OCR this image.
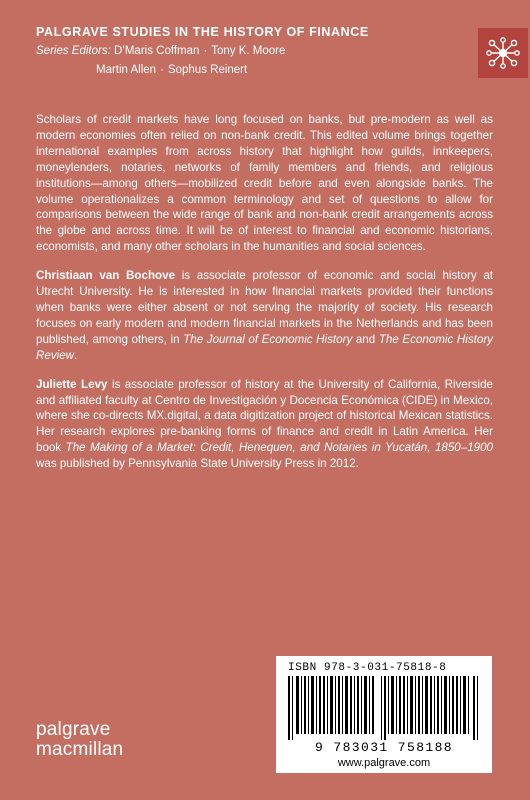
PALGRAVE STUDIES IN THE HISTORY OF FINANCE
Series Editors: D’Maris Coffman · Tony K. Moore
Martin Allen · Sophus Reinert

Scholars of credit markets have long focused on banks, but pre-modern as well as modern economies often relied on non-bank credit. This edited volume brings together international examples from across history that highlight how guilds, innkeepers, moneylenders, notaries, networks of family members and friends, and religious institutions—among others—mobilized credit before and even alongside banks. The volume operationalizes a common terminology and set of questions to allow for comparisons between the wide range of bank and non-bank credit arrangements across the globe and across time. It will be of interest to financial and economic historians, economists, and many other scholars in the humanities and social sciences.

Christiaan van Bochove is associate professor of economic and social history at Utrecht University. He is interested in how financial markets provided their functions when banks were either absent or not serving the majority of society. His research focuses on early modern and modern financial markets in the Netherlands and has been published, among others, in The Journal of Economic History and The Economic History Review.

Juliette Levy is associate professor of history at the University of California, Riverside and affiliated faculty at Centro de Investigación y Docencia Económica (CIDE) in Mexico, where she co-directs MX.digital, a data digitization project of historical Mexican statistics. Her research explores pre-banking forms of finance and credit in Latin America. Her book The Making of a Market: Credit, Henequen, and Notaries in Yucatán, 1850–1900 was published by Pennsylvania State University Press in 2012.

palgrave
macmillan
ISBN 978-3-031-75818-8
9 783031 758188
www.palgrave.com
